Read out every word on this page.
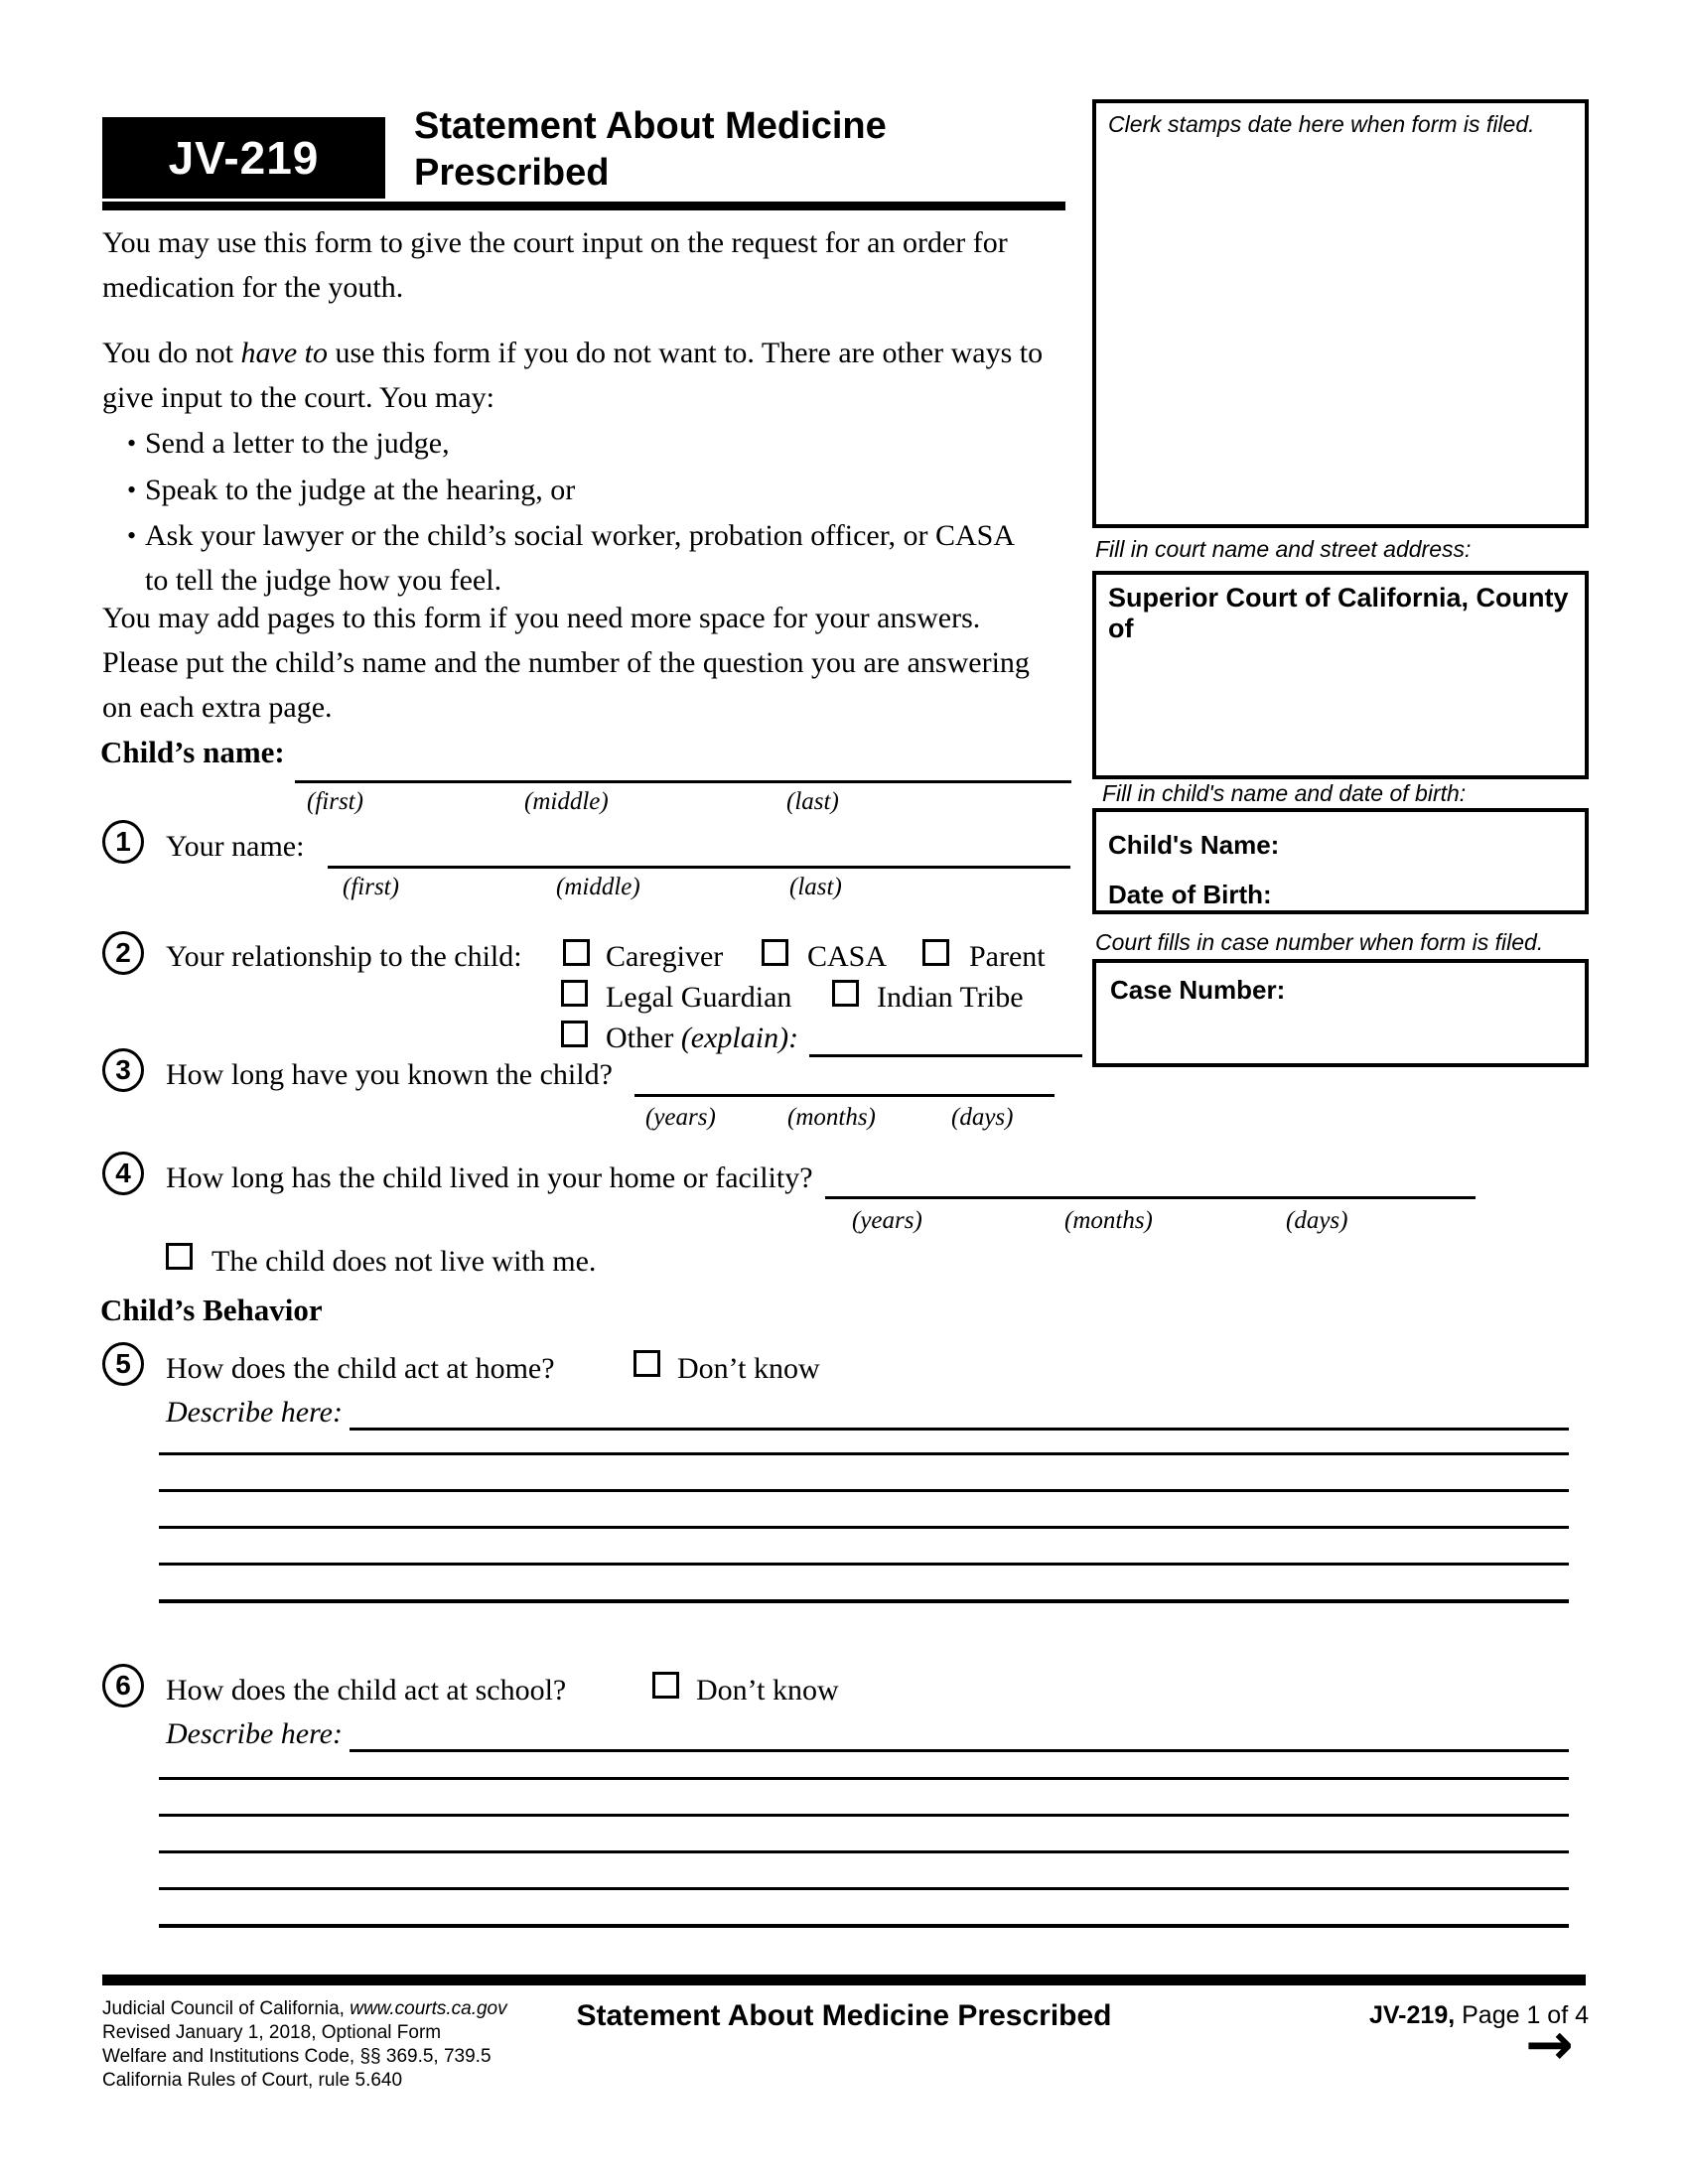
JV-219
Statement About Medicine
Prescribed
You may use this form to give the court input on the request for an order for medication for the youth.
You do not have to use this form if you do not want to. There are other ways to give input to the court. You may:
• Send a letter to the judge,
• Speak to the judge at the hearing, or
• Ask your lawyer or the child’s social worker, probation officer, or CASA to tell the judge how you feel.
You may add pages to this form if you need more space for your answers. Please put the child’s name and the number of the question you are answering on each extra page.
Child’s name:
(first)	(middle)	(last)
1 Your name:
(first)	(middle)	(last)
2 Your relationship to the child:	Caregiver	CASA	Parent
Legal Guardian	Indian Tribe
Other (explain):
3 How long have you known the child?
(years)	(months)	(days)
4 How long has the child lived in your home or facility?
(years)	(months)	(days)
The child does not live with me.
Child’s Behavior
5 How does the child act at home?	Don’t know
Describe here:
6 How does the child act at school?	Don’t know
Describe here:
Clerk stamps date here when form is filed.
Fill in court name and street address:
Superior Court of California, County of
Fill in child's name and date of birth:
Child's Name:
Date of Birth:
Court fills in case number when form is filed.
Case Number:
Judicial Council of California, www.courts.ca.gov
Revised January 1, 2018, Optional Form
Welfare and Institutions Code, §§ 369.5, 739.5
California Rules of Court, rule 5.640
Statement About Medicine Prescribed	JV-219, Page 1 of 4
→
